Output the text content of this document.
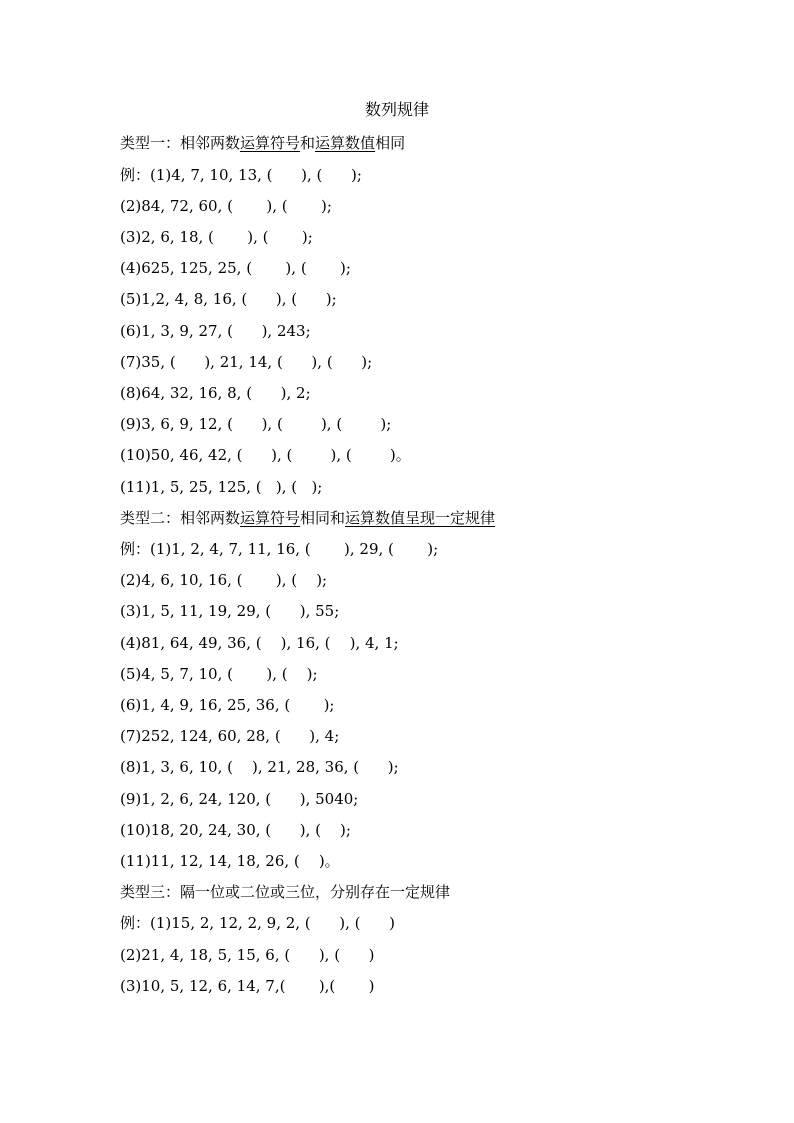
数列规律
类型一：相邻两数运算符号和运算数值相同
例：(1)4, 7, 10, 13, (      ), (      );
(2)84, 72, 60, (       ), (       );
(3)2, 6, 18, (       ), (       );
(4)625, 125, 25, (       ), (       );
(5)1,2, 4, 8, 16, (      ), (      );
(6)1, 3, 9, 27, (      ), 243;
(7)35, (      ), 21, 14, (      ), (      );
(8)64, 32, 16, 8, (      ), 2;
(9)3, 6, 9, 12, (      ), (        ), (        );
(10)50, 46, 42, (      ), (        ), (        )。
(11)1, 5, 25, 125, (   ), (   );
类型二：相邻两数运算符号相同和运算数值呈现一定规律
例：(1)1, 2, 4, 7, 11, 16, (       ), 29, (       );
(2)4, 6, 10, 16, (       ), (    );
(3)1, 5, 11, 19, 29, (      ), 55;
(4)81, 64, 49, 36, (    ), 16, (    ), 4, 1;
(5)4, 5, 7, 10, (       ), (    );
(6)1, 4, 9, 16, 25, 36, (       );
(7)252, 124, 60, 28, (      ), 4;
(8)1, 3, 6, 10, (    ), 21, 28, 36, (      );
(9)1, 2, 6, 24, 120, (      ), 5040;
(10)18, 20, 24, 30, (      ), (    );
(11)11, 12, 14, 18, 26, (    )。
类型三：隔一位或二位或三位，分别存在一定规律
例：(1)15, 2, 12, 2, 9, 2, (      ), (      )
(2)21, 4, 18, 5, 15, 6, (      ), (      )
(3)10, 5, 12, 6, 14, 7,(       ),(       )
